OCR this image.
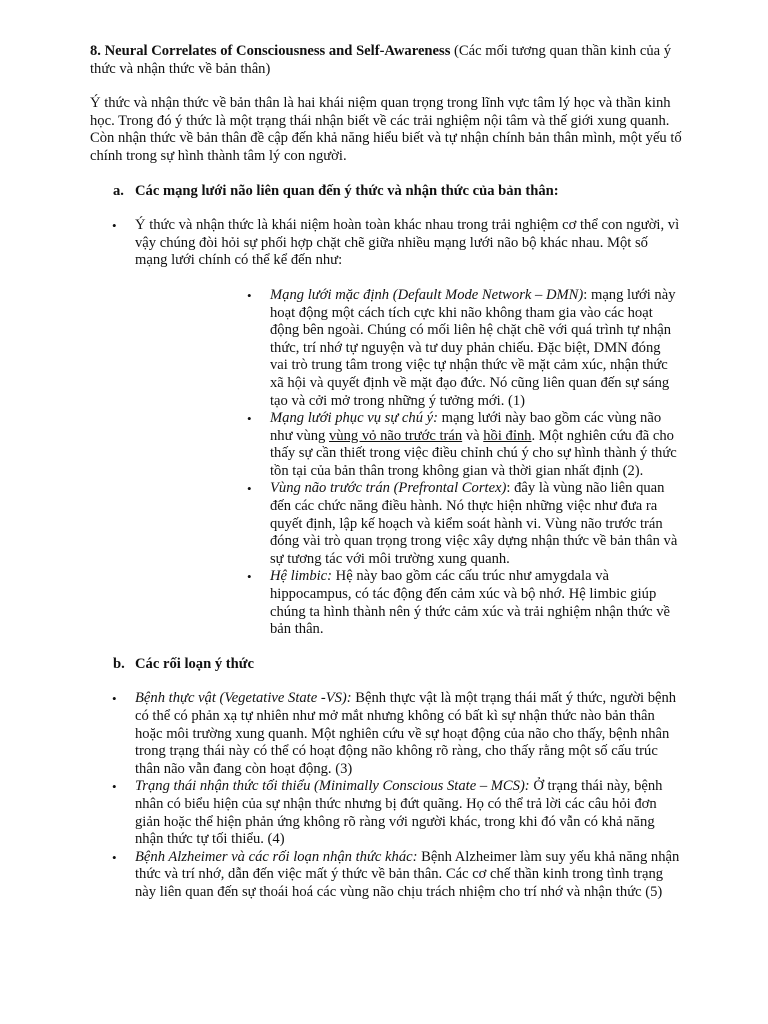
8. Neural Correlates of Consciousness and Self-Awareness (Các mối tương quan thần kinh của ý thức và nhận thức về bản thân)

Ý thức và nhận thức về bản thân là hai khái niệm quan trọng trong lĩnh vực tâm lý học và thần kinh học. Trong đó ý thức là một trạng thái nhận biết về các trải nghiệm nội tâm và thế giới xung quanh. Còn nhận thức về bản thân đề cập đến khả năng hiểu biết và tự nhận chính bản thân mình, một yếu tố chính trong sự hình thành tâm lý con người.

a. Các mạng lưới não liên quan đến ý thức và nhận thức của bản thân:

• Ý thức và nhận thức là khái niệm hoàn toàn khác nhau trong trải nghiệm cơ thể con người, vì vậy chúng đòi hỏi sự phối hợp chặt chẽ giữa nhiều mạng lưới não bộ khác nhau. Một số mạng lưới chính có thể kể đến như:
• Mạng lưới mặc định (Default Mode Network – DMN): mạng lưới này hoạt động một cách tích cực khi não không tham gia vào các hoạt động bên ngoài. Chúng có mối liên hệ chặt chẽ với quá trình tự nhận thức, trí nhớ tự nguyện và tư duy phản chiếu. Đặc biệt, DMN đóng vai trò trung tâm trong việc tự nhận thức về mặt cảm xúc, nhận thức xã hội và quyết định về mặt đạo đức. Nó cũng liên quan đến sự sáng tạo và cởi mở trong những ý tưởng mới. (1)
• Mạng lưới phục vụ sự chú ý: mạng lưới này bao gồm các vùng não như vùng vùng vỏ não trước trán và hồi đỉnh. Một nghiên cứu đã cho thấy sự cần thiết trong việc điều chỉnh chú ý cho sự hình thành ý thức tồn tại của bản thân trong không gian và thời gian nhất định (2).
• Vùng não trước trán (Prefrontal Cortex): đây là vùng não liên quan đến các chức năng điều hành. Nó thực hiện những việc như đưa ra quyết định, lập kế hoạch và kiểm soát hành vi. Vùng não trước trán đóng vài trò quan trọng trong việc xây dựng nhận thức về bản thân và sự tương tác với môi trường xung quanh.
• Hệ limbic: Hệ này bao gồm các cấu trúc như amygdala và hippocampus, có tác động đến cảm xúc và bộ nhớ. Hệ limbic giúp chúng ta hình thành nên ý thức cảm xúc và trải nghiệm nhận thức về bản thân.

b. Các rối loạn ý thức

• Bệnh thực vật (Vegetative State -VS): Bệnh thực vật là một trạng thái mất ý thức, người bệnh có thể có phản xạ tự nhiên như mở mắt nhưng không có bất kì sự nhận thức nào bản thân hoặc môi trường xung quanh. Một nghiên cứu về sự hoạt động của não cho thấy, bệnh nhân trong trạng thái này có thể có hoạt động não không rõ ràng, cho thấy rằng một số cấu trúc thân não vẫn đang còn hoạt động. (3)
• Trạng thái nhận thức tối thiểu (Minimally Conscious State – MCS): Ở trạng thái này, bệnh nhân có biểu hiện của sự nhận thức nhưng bị đứt quãng. Họ có thể trả lời các câu hỏi đơn giản hoặc thể hiện phản ứng không rõ ràng với người khác, trong khi đó vẫn có khả năng nhận thức tự tối thiểu. (4)
• Bệnh Alzheimer và các rối loạn nhận thức khác: Bệnh Alzheimer làm suy yếu khả năng nhận thức và trí nhớ, dẫn đến việc mất ý thức về bản thân. Các cơ chế thần kinh trong tình trạng này liên quan đến sự thoái hoá các vùng não chịu trách nhiệm cho trí nhớ và nhận thức (5)
